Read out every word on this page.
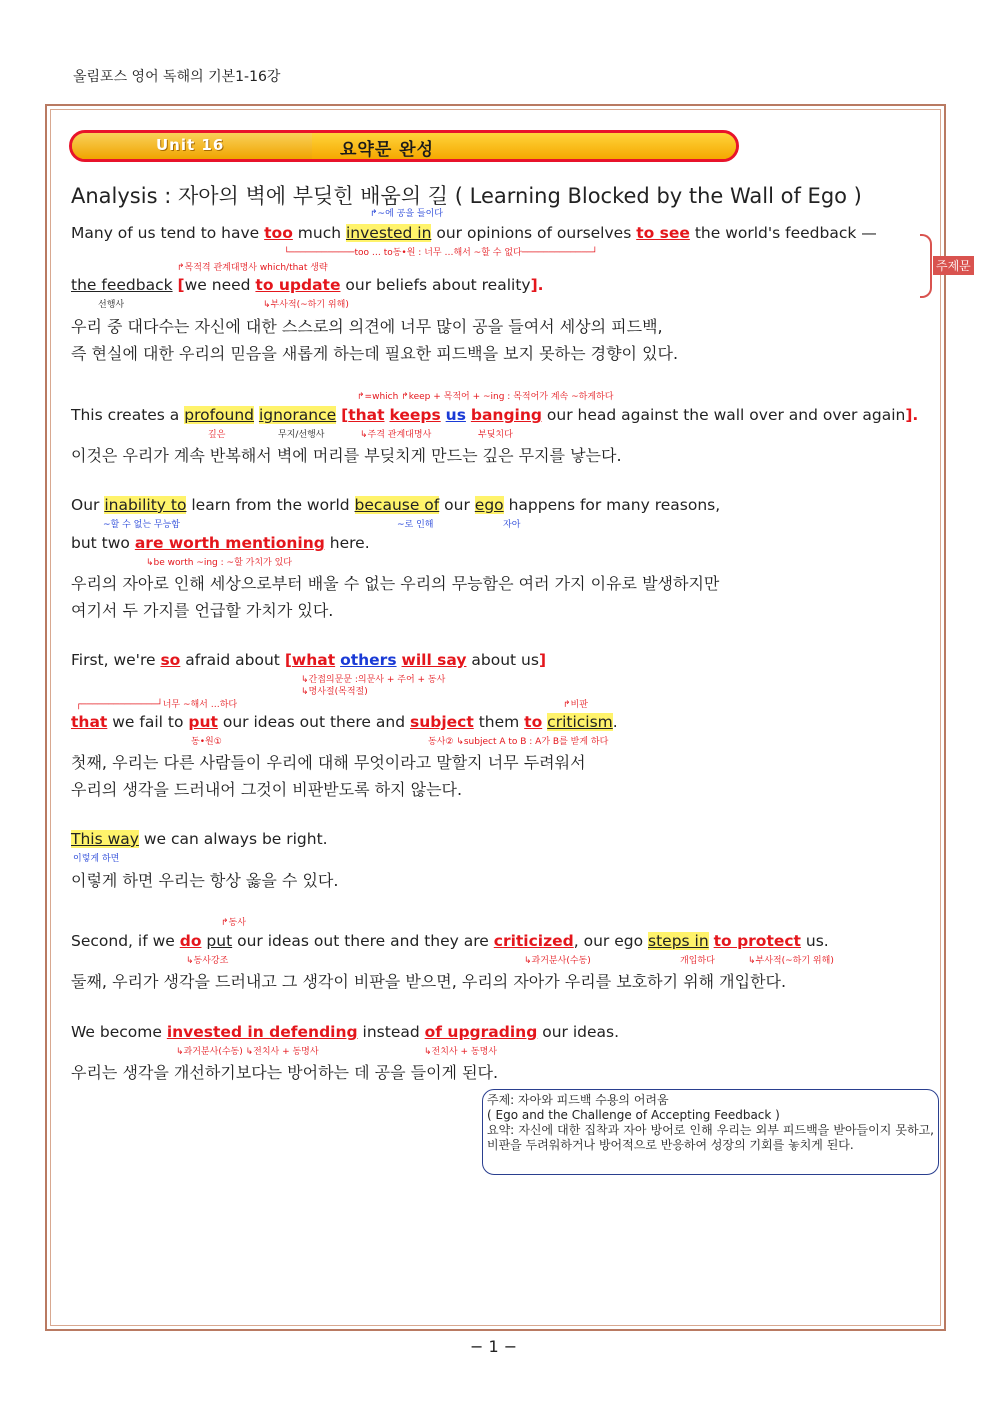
올림포스 영어 독해의 기본1-16강
Unit 16	요약문 완성
Analysis : 자아의 벽에 부딪힌 배움의 길 ( Learning Blocked by the Wall of Ego )
↱~에 공을 들이다
Many of us tend to have too much invested in our opinions of ourselves to see the world's feedback —
주제문
└────────────too … to동•원 : 너무 …해서 ~할 수 없다─────────────┘
↱목적격 관계대명사 which/that 생략
the feedback [we need to update our beliefs about reality].
선행사	↳부사적(~하기 위해)
우리 중 대다수는 자신에 대한 스스로의 의견에 너무 많이 공을 들여서 세상의 피드백,
즉 현실에 대한 우리의 믿음을 새롭게 하는데 필요한 피드백을 보지 못하는 경향이 있다.
↱=which ↱keep + 목적어 + ~ing : 목적어가 계속 ~하게하다
This creates a profound ignorance [that keeps us banging our head against the wall over and over again].
깊은	무지/선행사	↳주격 관계대명사	부딪치다
이것은 우리가 계속 반복해서 벽에 머리를 부딪치게 만드는 깊은 무지를 낳는다.
Our inability to learn from the world because of our ego happens for many reasons,
~할 수 없는 무능함	~로 인해	자아
but two are worth mentioning here.
↳be worth ~ing : ~할 가치가 있다
우리의 자아로 인해 세상으로부터 배울 수 없는 우리의 무능함은 여러 가지 이유로 발생하지만
여기서 두 가지를 언급할 가치가 있다.
First, we're so afraid about [what others will say about us]
↳간접의문문 :의문사 + 주어 + 동사
↳명사절(목적절)
┌──────────────┘너무 ~해서 …하다	↱비판
that we fail to put our ideas out there and subject them to criticism.
동•원①	동사② ↳subject A to B : A가 B를 받게 하다
첫째, 우리는 다른 사람들이 우리에 대해 무엇이라고 말할지 너무 두려워서
우리의 생각을 드러내어 그것이 비판받도록 하지 않는다.
This way we can always be right.
이렇게 하면
이렇게 하면 우리는 항상 옳을 수 있다.
↱동사
Second, if we do put our ideas out there and they are criticized, our ego steps in to protect us.
↳동사강조	↳과거분사(수동)	개입하다	↳부사적(~하기 위해)
둘째, 우리가 생각을 드러내고 그 생각이 비판을 받으면, 우리의 자아가 우리를 보호하기 위해 개입한다.
We become invested in defending instead of upgrading our ideas.
↳과거분사(수동) ↳전치사 + 동명사	↳전치사 + 동명사
우리는 생각을 개선하기보다는 방어하는 데 공을 들이게 된다.
주제: 자아와 피드백 수용의 어려움
( Ego and the Challenge of Accepting Feedback )
요약: 자신에 대한 집착과 자아 방어로 인해 우리는 외부 피드백을 받아들이지 못하고, 비판을 두려워하거나 방어적으로 반응하여 성장의 기회를 놓치게 된다.
− 1 −
